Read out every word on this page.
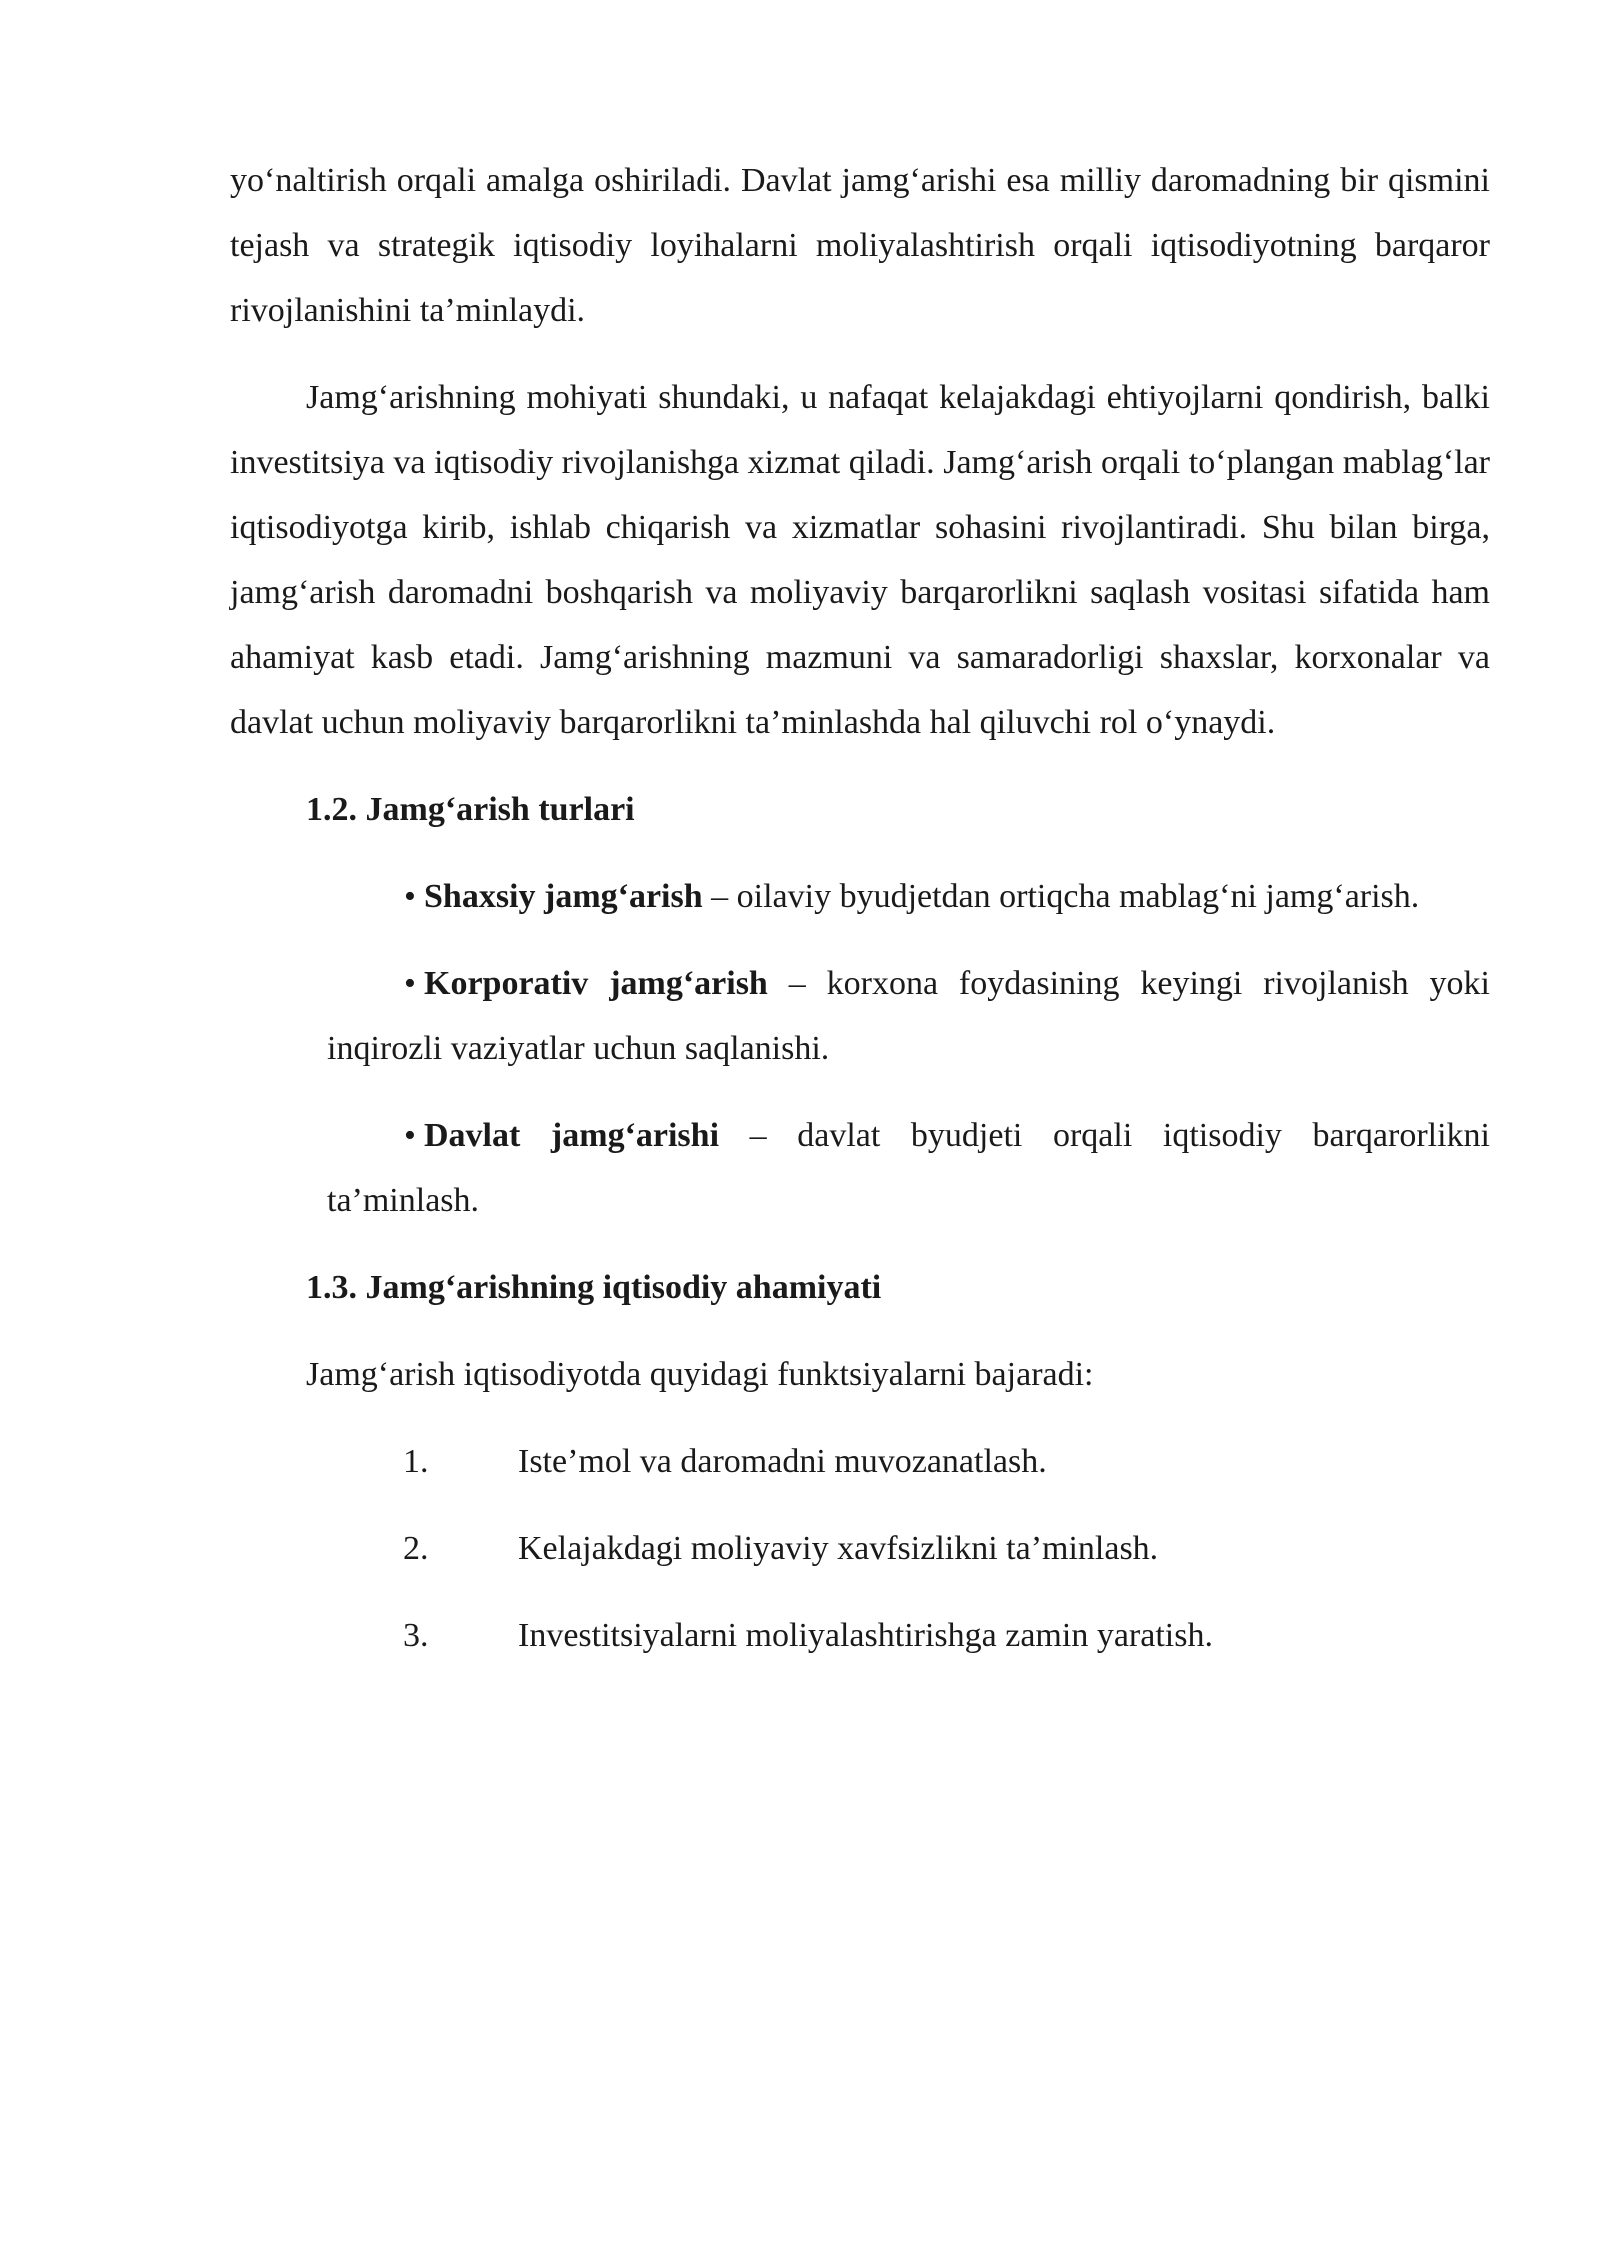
yo‘naltirish orqali amalga oshiriladi. Davlat jamg‘arishi esa milliy daromadning bir qismini tejash va strategik iqtisodiy loyihalarni moliyalashtirish orqali iqtisodiyotning barqaror rivojlanishini ta’minlaydi.

Jamg‘arishning mohiyati shundaki, u nafaqat kelajakdagi ehtiyojlarni qondirish, balki investitsiya va iqtisodiy rivojlanishga xizmat qiladi. Jamg‘arish orqali to‘plangan mablag‘lar iqtisodiyotga kirib, ishlab chiqarish va xizmatlar sohasini rivojlantiradi. Shu bilan birga, jamg‘arish daromadni boshqarish va moliyaviy barqarorlikni saqlash vositasi sifatida ham ahamiyat kasb etadi. Jamg‘arishning mazmuni va samaradorligi shaxslar, korxonalar va davlat uchun moliyaviy barqarorlikni ta’minlashda hal qiluvchi rol o‘ynaydi.

1.2. Jamg‘arish turlari

• Shaxsiy jamg‘arish – oilaviy byudjetdan ortiqcha mablag‘ni jamg‘arish.

• Korporativ jamg‘arish – korxona foydasining keyingi rivojlanish yoki inqirozli vaziyatlar uchun saqlanishi.

• Davlat jamg‘arishi – davlat byudjeti orqali iqtisodiy barqarorlikni ta’minlash.

1.3. Jamg‘arishning iqtisodiy ahamiyati

Jamg‘arish iqtisodiyotda quyidagi funktsiyalarni bajaradi:

1.	Iste’mol va daromadni muvozanatlash.
2.	Kelajakdagi moliyaviy xavfsizlikni ta’minlash.
3.	Investitsiyalarni moliyalashtirishga zamin yaratish.
